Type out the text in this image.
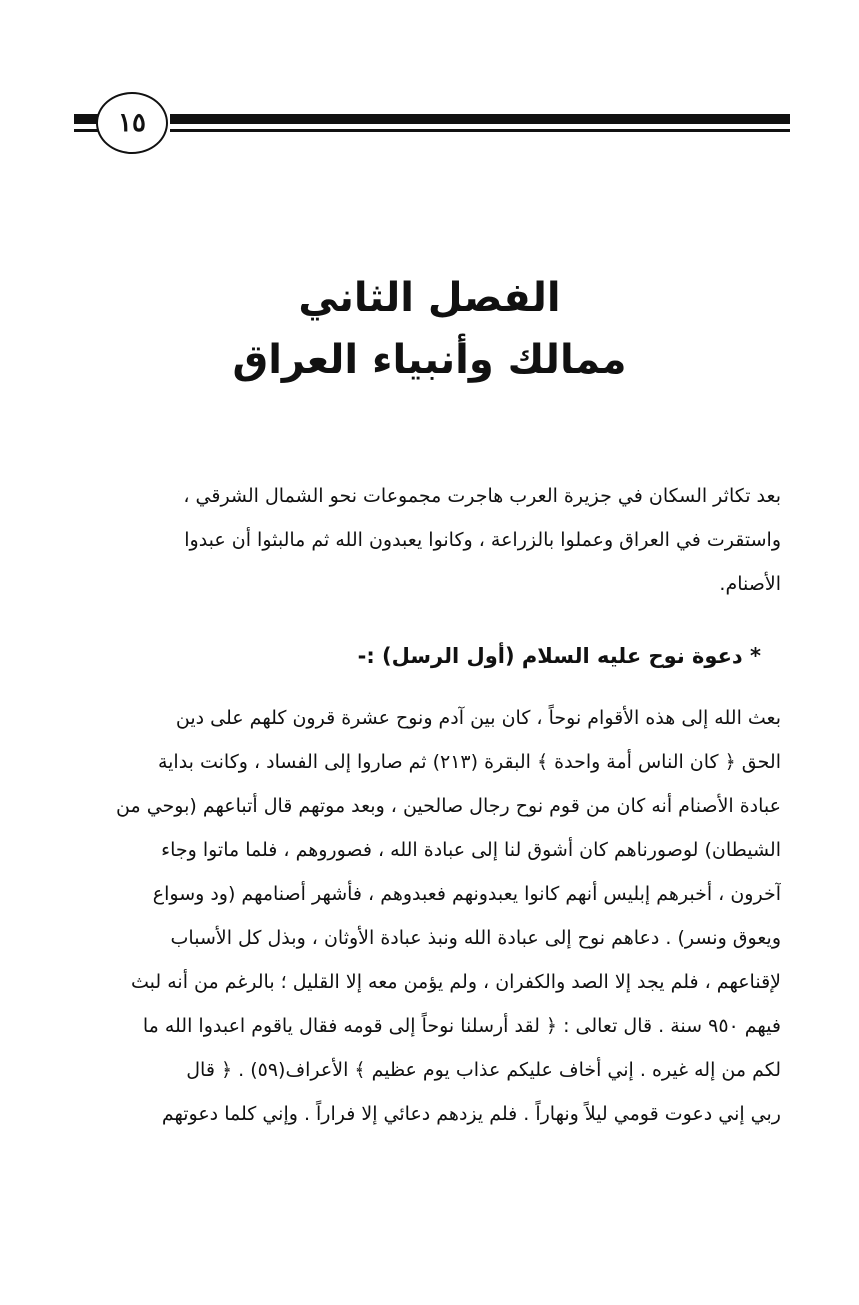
١٥
الفصل الثاني
ممالك وأنبياء العراق
بعد تكاثر السكان في جزيرة العرب هاجرت مجموعات نحو الشمال الشرقي ،
واستقرت في العراق وعملوا بالزراعة ، وكانوا يعبدون الله ثم مالبثوا أن عبدوا
الأصنام.
* دعوة نوح عليه السلام (أول الرسل) :-
بعث الله إلى هذه الأقوام نوحاً ، كان بين آدم ونوح عشرة قرون كلهم على دين
الحق ﴿ كان الناس أمة واحدة ﴾ البقرة (٢١٣) ثم صاروا إلى الفساد ، وكانت بداية
عبادة الأصنام أنه كان من قوم نوح رجال صالحين ، وبعد موتهم قال أتباعهم (بوحي من
الشيطان) لوصورناهم كان أشوق لنا إلى عبادة الله ، فصوروهم ، فلما ماتوا وجاء
آخرون ، أخبرهم إبليس أنهم كانوا يعبدونهم فعبدوهم ، فأشهر أصنامهم (ود وسواع
ويعوق ونسر) . دعاهم نوح إلى عبادة الله ونبذ عبادة الأوثان ، وبذل كل الأسباب
لإقناعهم ، فلم يجد إلا الصد والكفران ، ولم يؤمن معه إلا القليل ؛ بالرغم من أنه لبث
فيهم ٩٥٠ سنة . قال تعالى : ﴿ لقد أرسلنا نوحاً إلى قومه فقال ياقوم اعبدوا الله ما
لكم من إله غيره . إني أخاف عليكم عذاب يوم عظيم ﴾ الأعراف(٥٩) . ﴿ قال
ربي إني دعوت قومي ليلاً ونهاراً . فلم يزدهم دعائي إلا فراراً . وإني كلما دعوتهم
